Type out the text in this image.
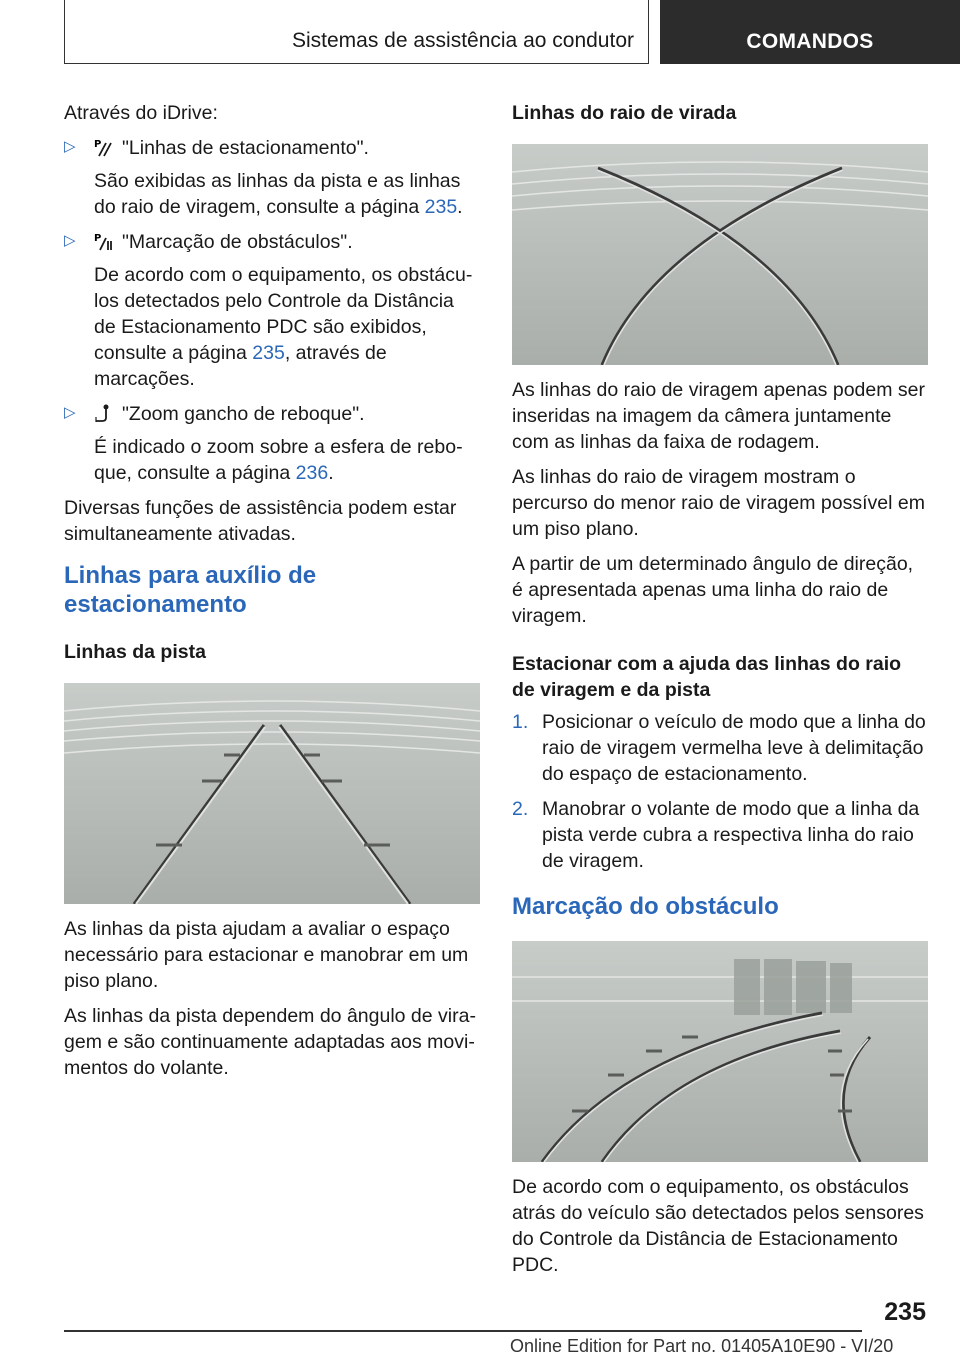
Sistemas de assistência ao condutor	COMANDOS

Através do iDrive:

▷ P "Linhas de estacionamento".

São exibidas as linhas da pista e as linhas do raio de viragem, consulte a página 235.

▷ P "Marcação de obstáculos".

De acordo com o equipamento, os obstáculos detectados pelo Controle da Distância de Estacionamento PDC são exibidos, consulte a página 235, através de marcações.

▷	"Zoom gancho de reboque".

É indicado o zoom sobre a esfera de reboque, consulte a página 236.

Diversas funções de assistência podem estar simultaneamente ativadas.

Linhas para auxílio de estacionamento
Linhas da pista

As linhas da pista ajudam a avaliar o espaço necessário para estacionar e manobrar em um piso plano.

As linhas da pista dependem do ângulo de viragem e são continuamente adaptadas aos movimentos do volante.

Linhas do raio de virada

As linhas do raio de viragem apenas podem ser inseridas na imagem da câmera juntamente com as linhas da faixa de rodagem.

As linhas do raio de viragem mostram o percurso do menor raio de viragem possível em um piso plano.

A partir de um determinado ângulo de direção, é apresentada apenas uma linha do raio de viragem.

Estacionar com a ajuda das linhas do raio de viragem e da pista
1. Posicionar o veículo de modo que a linha do raio de viragem vermelha leve à delimitação do espaço de estacionamento.
2. Manobrar o volante de modo que a linha da pista verde cubra a respectiva linha do raio de viragem.
Marcação do obstáculo

De acordo com o equipamento, os obstáculos atrás do veículo são detectados pelos sensores do Controle da Distância de Estacionamento PDC.

235
Online Edition for Part no. 01405A10E90 - VI/20
